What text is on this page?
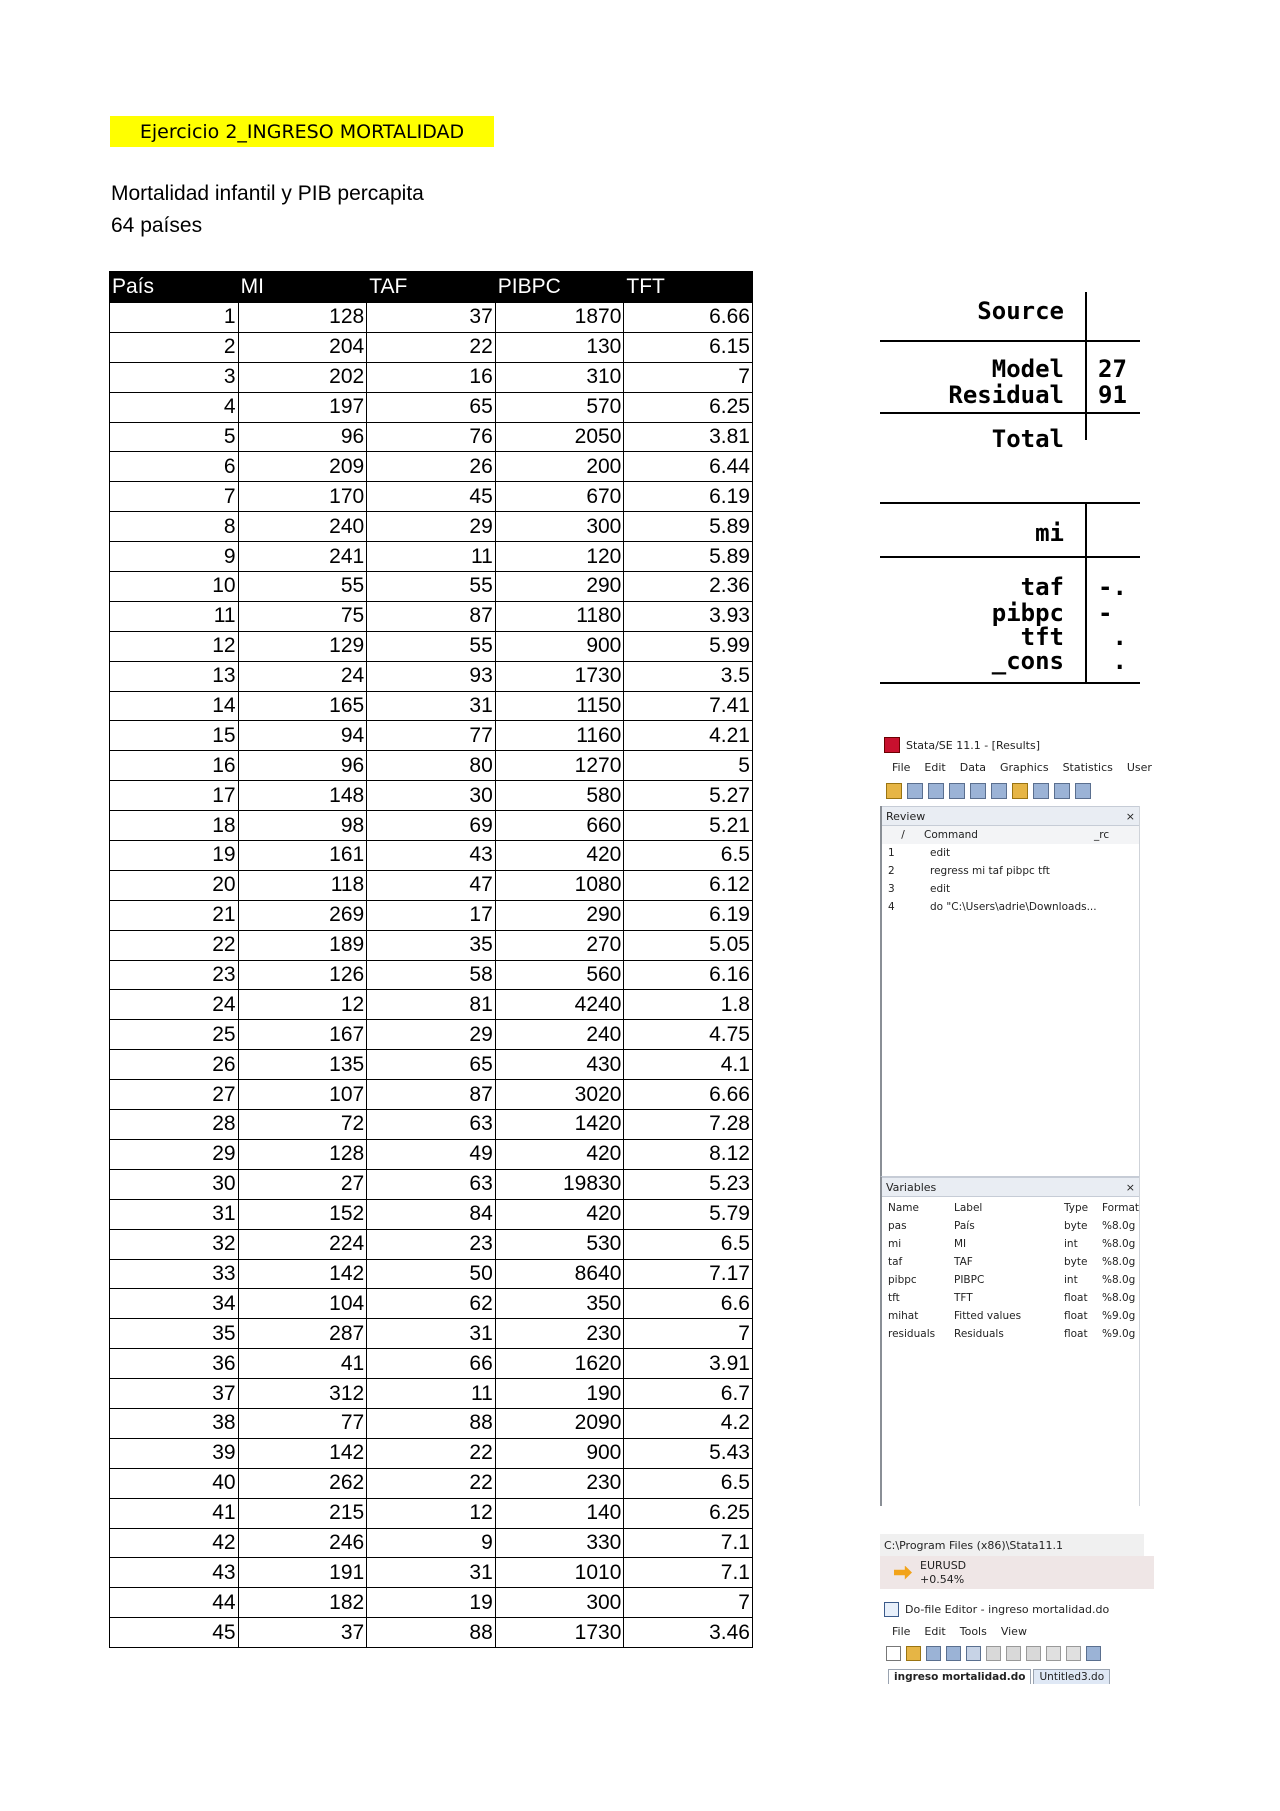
Ejercicio 2_INGRESO MORTALIDAD
Mortalidad infantil y PIB percapita
64 países
País	MI	TAF	PIBPC	TFT
1	128	37	1870	6.66
2	204	22	130	6.15
3	202	16	310	7
4	197	65	570	6.25
5	96	76	2050	3.81
6	209	26	200	6.44
7	170	45	670	6.19
8	240	29	300	5.89
9	241	11	120	5.89
10	55	55	290	2.36
11	75	87	1180	3.93
12	129	55	900	5.99
13	24	93	1730	3.5
14	165	31	1150	7.41
15	94	77	1160	4.21
16	96	80	1270	5
17	148	30	580	5.27
18	98	69	660	5.21
19	161	43	420	6.5
20	118	47	1080	6.12
21	269	17	290	6.19
22	189	35	270	5.05
23	126	58	560	6.16
24	12	81	4240	1.8
25	167	29	240	4.75
26	135	65	430	4.1
27	107	87	3020	6.66
28	72	63	1420	7.28
29	128	49	420	8.12
30	27	63	19830	5.23
31	152	84	420	5.79
32	224	23	530	6.5
33	142	50	8640	7.17
34	104	62	350	6.6
35	287	31	230	7
36	41	66	1620	3.91
37	312	11	190	6.7
38	77	88	2090	4.2
39	142	22	900	5.43
40	262	22	230	6.5
41	215	12	140	6.25
42	246	9	330	7.1
43	191	31	1010	7.1
44	182	19	300	7
45	37	88	1730	3.46
Source
Model 27
Residual 91
Total
mi
taf -.
pibpc -
tft .
_cons .
Stata/SE 11.1 - [Results]
File Edit Data Graphics Statistics User
Review	×
/	Command	_rc
1	edit
2	regress mi taf pibpc tft
3	edit
4	do "C:\Users\adrie\Downloads...
Variables	×
Name	Label	Type	Format
pas	País	byte	%8.0g
mi	MI	int	%8.0g
taf	TAF	byte	%8.0g
pibpc	PIBPC	int	%8.0g
tft	TFT	float	%8.0g
mihat	Fitted values	float	%9.0g
residuals	Residuals	float	%9.0g
C:\Program Files (x86)\Stata11.1
EURUSD
+0.54%
Do-file Editor - ingreso mortalidad.do
File Edit Tools View
ingreso mortalidad.do	Untitled3.do
